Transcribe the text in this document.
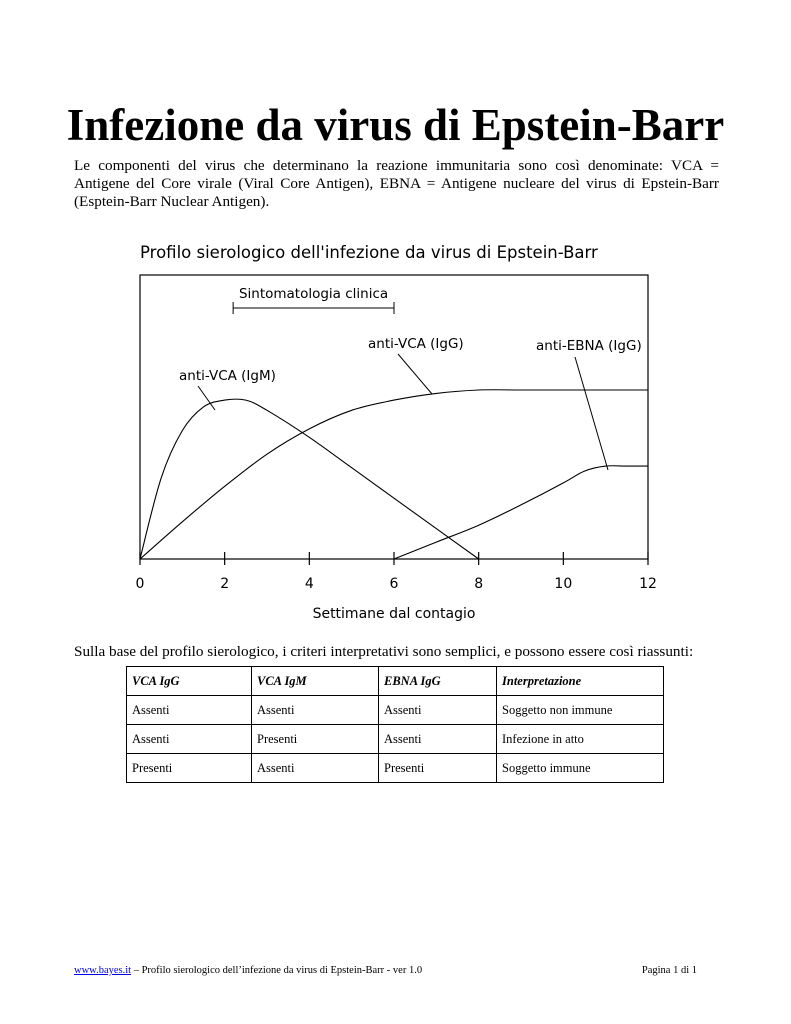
Infezione da virus di Epstein-Barr

Le componenti del virus che determinano la reazione immunitaria sono così denominate: VCA = Antigene del Core virale (Viral Core Antigen), EBNA = Antigene nucleare del virus di Epstein-Barr (Esptein-Barr Nuclear Antigen).

Profilo sierologico dell'infezione da virus di Epstein-Barr
0	2	4	6	8	10	12
Settimane dal contagio
anti-VCA (IgM)
anti-VCA (IgG)	anti-EBNA (IgG)
Sintomatologia clinica

Sulla base del profilo sierologico, i criteri interpretativi sono semplici, e possono essere così riassunti:

VCA IgG	VCA IgM	EBNA IgG	Interpretazione
Assenti	Assenti	Assenti	Soggetto non immune
Assenti	Presenti	Assenti	Infezione in atto
Presenti	Assenti	Presenti	Soggetto immune
www.bayes.it – Profilo sierologico dell’infezione da virus di Epstein-Barr - ver 1.0	Pagina 1 di 1
